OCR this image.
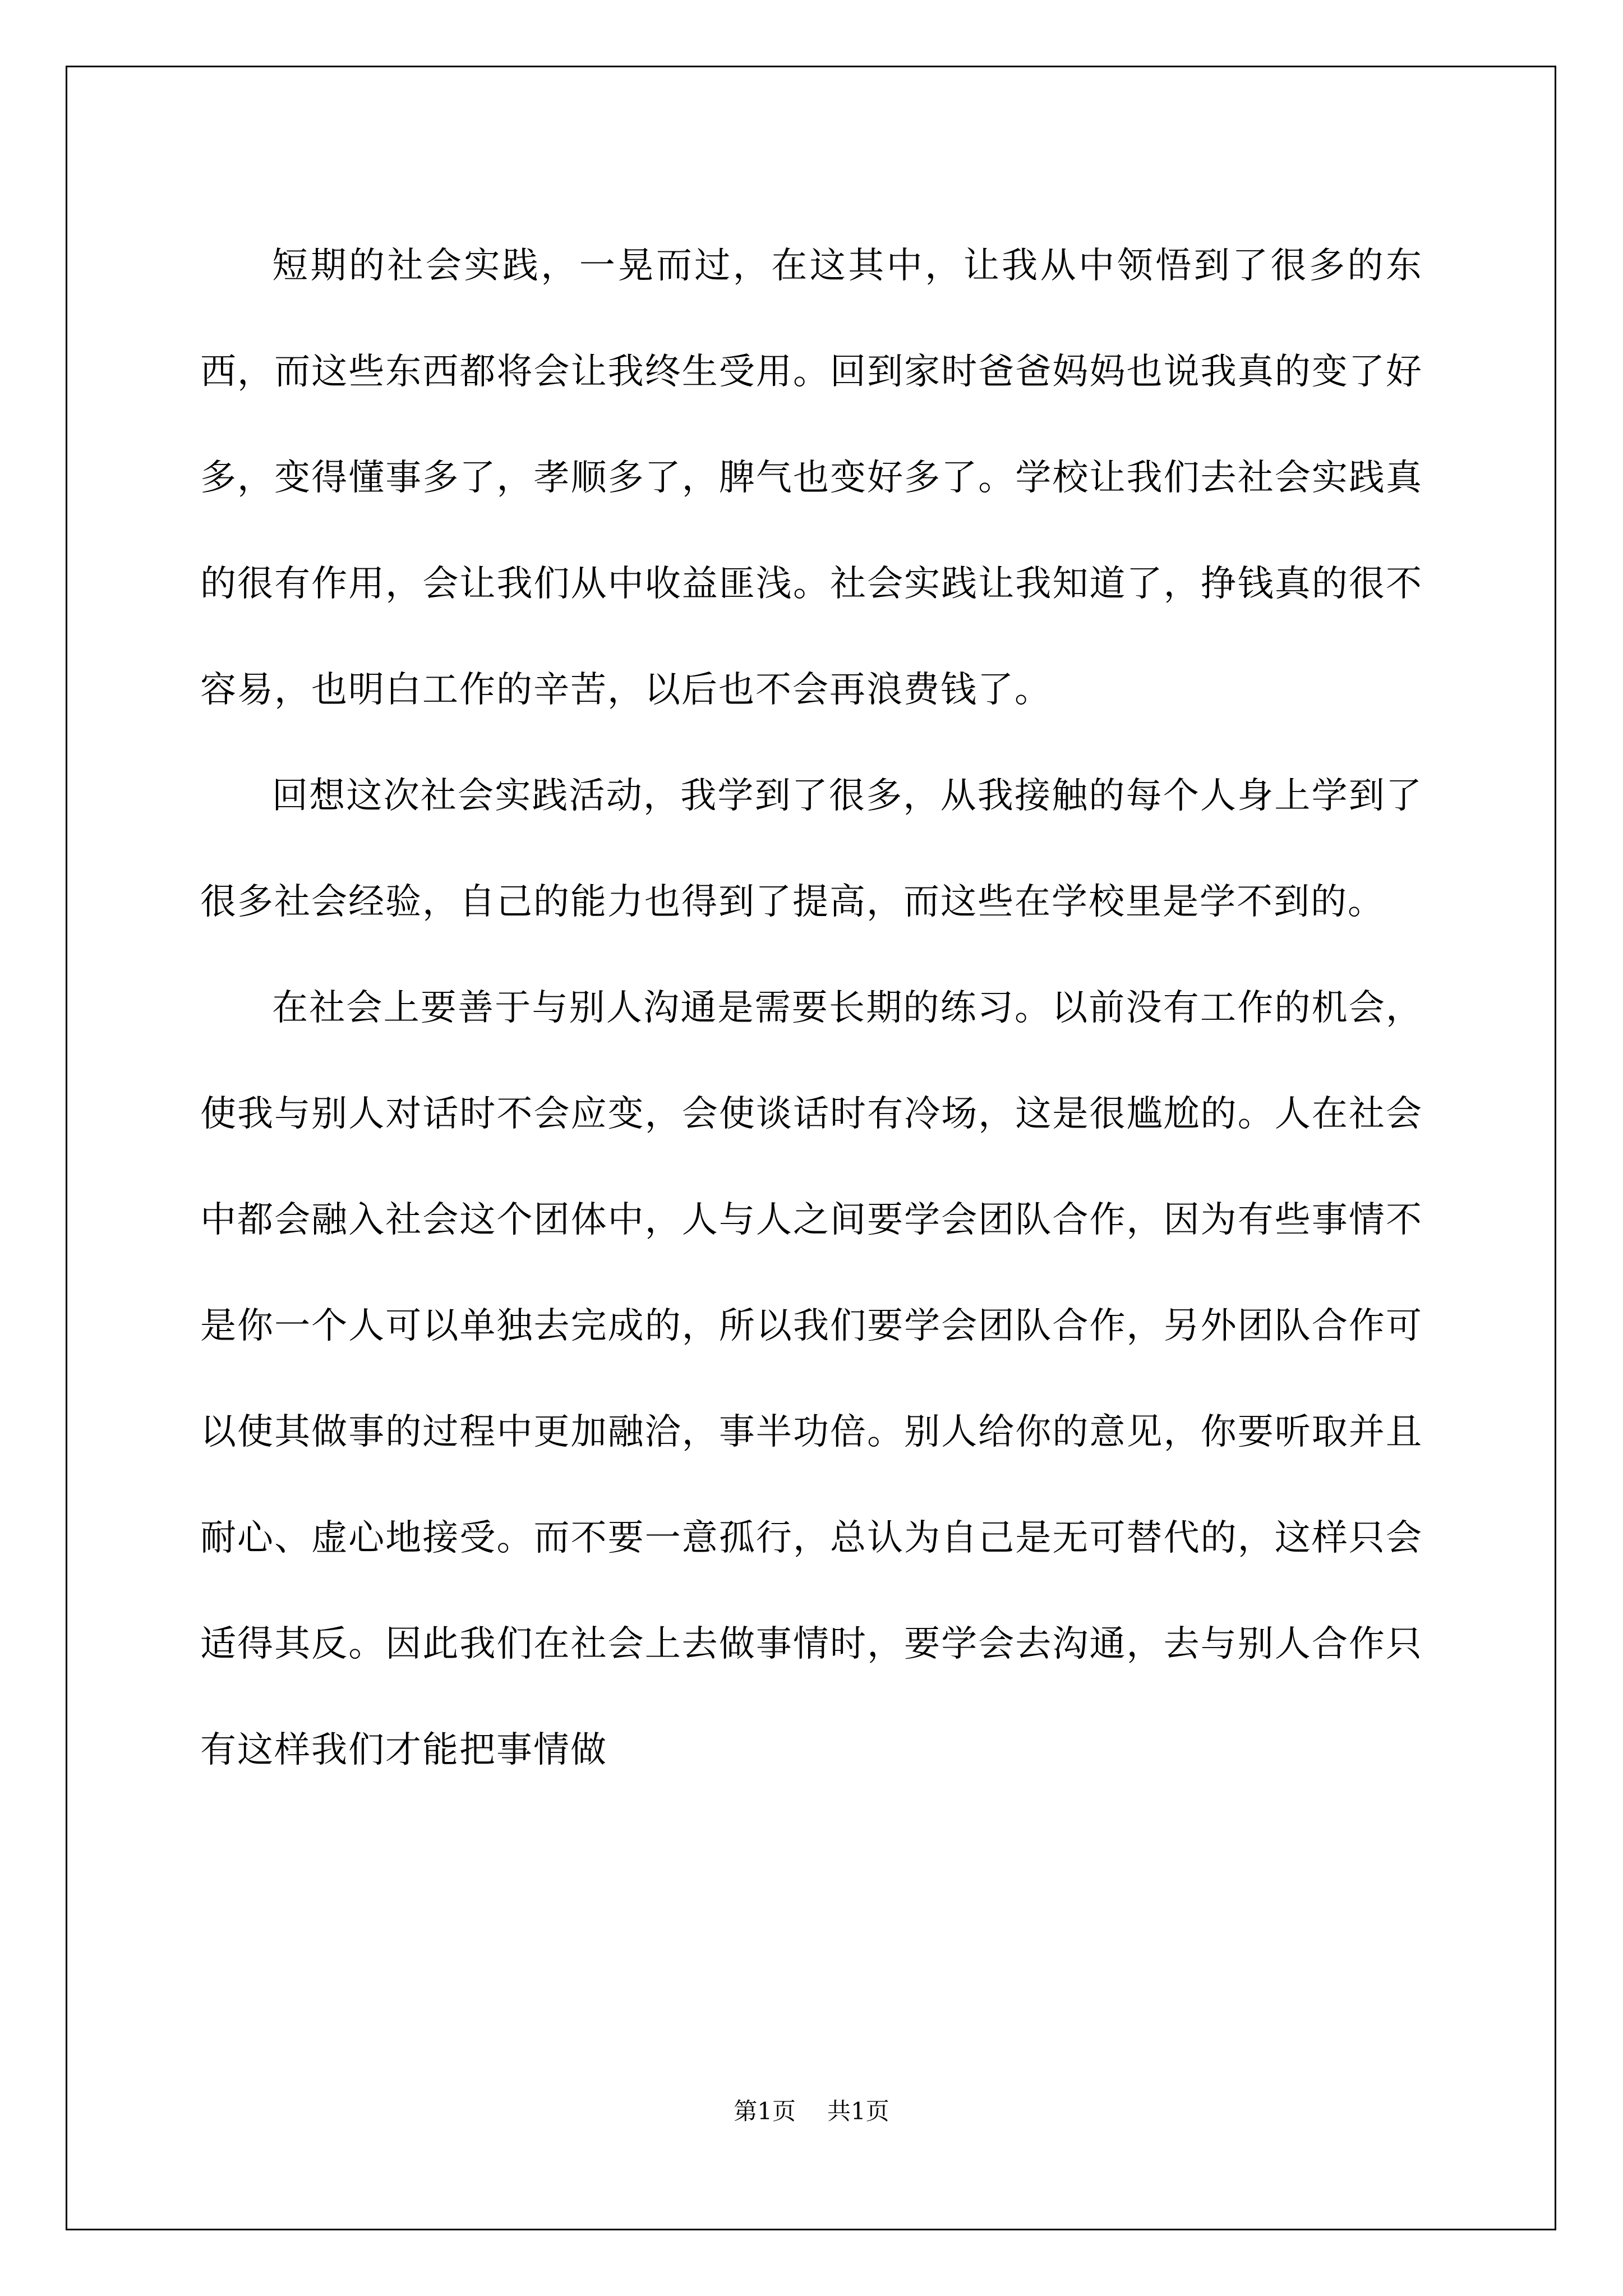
短期的社会实践，一晃而过，在这其中，让我从中领悟到了很多的东西，而这些东西都将会让我终生受用。回到家时爸爸妈妈也说我真的变了好多，变得懂事多了，孝顺多了，脾气也变好多了。学校让我们去社会实践真的很有作用，会让我们从中收益匪浅。社会实践让我知道了，挣钱真的很不容易，也明白工作的辛苦，以后也不会再浪费钱了。

回想这次社会实践活动，我学到了很多，从我接触的每个人身上学到了很多社会经验，自己的能力也得到了提高，而这些在学校里是学不到的。

在社会上要善于与别人沟通是需要长期的练习。以前没有工作的机会，使我与别人对话时不会应变，会使谈话时有冷场，这是很尴尬的。人在社会中都会融入社会这个团体中，人与人之间要学会团队合作，因为有些事情不是你一个人可以单独去完成的，所以我们要学会团队合作，另外团队合作可以使其做事的过程中更加融洽，事半功倍。别人给你的意见，你要听取并且耐心、虚心地接受。而不要一意孤行，总认为自己是无可替代的，这样只会适得其反。因此我们在社会上去做事情时，要学会去沟通，去与别人合作只有这样我们才能把事情做

第1页 共1页
